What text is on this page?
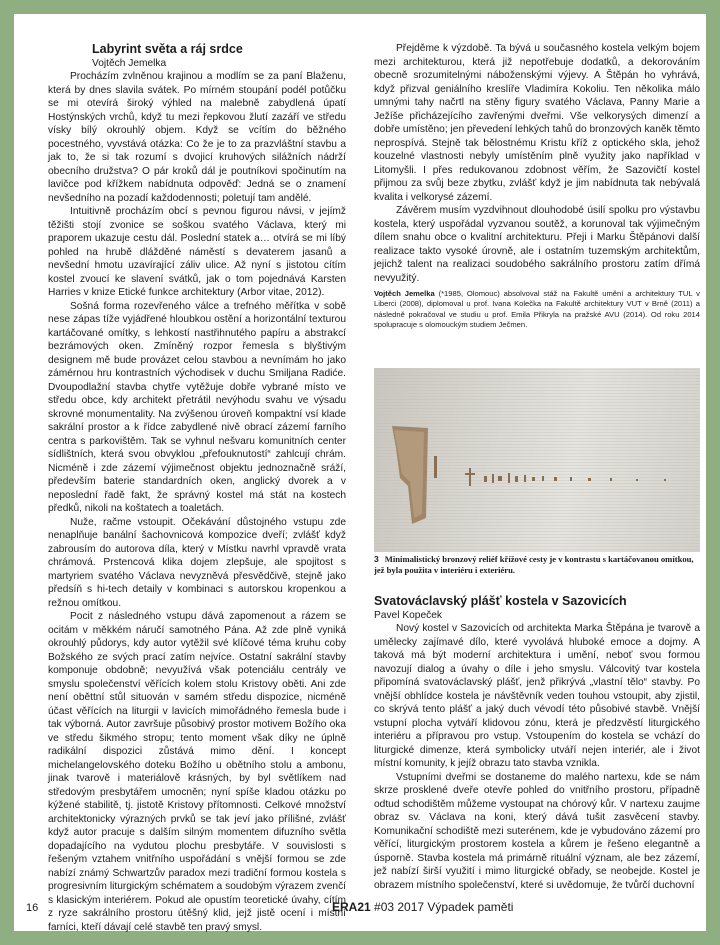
Labyrint světa a ráj srdce
Vojtěch Jemelka

Procházím zvlněnou krajinou a modlím se za paní Blaženu, která by dnes slavila svátek. Po mírném stoupání podél potůčku se mi otevírá široký výhled na malebně zabydlená úpatí Hostýnských vrchů, když tu mezi řepkovou žlutí zazáří ve středu vísky bílý okrouhlý objem. Když se vcítím do běžného pocestného, vyvstává otázka: Co že je to za prazvláštní stavbu a jak to, že si tak rozumí s dvojicí kruhových silážních nádrží obecního družstva? O pár kroků dál je poutníkovi spočinutím na lavičce pod křížkem nabídnuta odpověď: Jedná se o znamení nevšedního na pozadí každodennosti; poletují tam andělé.

Intuitivně procházím obcí s pevnou figurou návsi, v jejímž těžišti stojí zvonice se soškou svatého Václava, který mi praporem ukazuje cestu dál. Poslední statek a… otvírá se mi líbý pohled na hrubě dlážděné náměstí s devaterem jasanů a nevšední hmotu uzavírající záliv ulice. Až nyní s jistotou cítím kostel zvoucí ke slavení svátků, jak o tom pojednává Karsten Harries v knize Etické funkce architektury (Arbor vitae, 2012).

Sošná forma rozevřeného válce a trefného měřítka v sobě nese zápas tíže vyjádřené hloubkou ostění a horizontální texturou kartáčované omítky, s lehkostí nastřihnutého papíru a abstrakcí bezrámových oken. Zmíněný rozpor řemesla s blyštivým designem mě bude provázet celou stavbou a nevnímám ho jako zámérnou hru kontrastních východisek v duchu Smiljana Radiće. Dvoupodlažní stavba chytře vytěžuje dobře vybrané místo ve středu obce, kdy architekt přetrátil nevýhodu svahu ve výsadu skrovné monumentality. Na zvýšenou úroveň kompaktní vsí klade sakrální prostor a k řídce zabydlené nivě obrací zázemí farního centra s parkovištěm. Tak se vyhnul nešvaru komunitních center sídlištních, která svou obvyklou „přefouknutostí“ zahlcují chrám. Nicméně i zde zázemí výjimečnost objektu jednoznačně sráží, především baterie standardních oken, anglický dvorek a v neposlední řadě fakt, že správný kostel má stát na kostech předků, nikoli na koštatech a toaletách.

Nuže, račme vstoupit. Očekávání důstojného vstupu zde nenaplňuje banální šachovnicová kompozice dveří; zvlášť když zabrousím do autorova díla, který v Místku navrhl vpravdě vrata chrámová. Prstencová klika dojem zlepšuje, ale spojitost s martyriem svatého Václava nevyzněvá přesvědčivě, stejně jako předsíň s hi-tech detaily v kombinaci s autorskou kropenkou a režnou omítkou.

Pocit z následného vstupu dává zapomenout a rázem se ocitám v měkkém náručí samotného Pána. Až zde plně vyniká okrouhlý půdorys, kdy autor vytěžil své klíčové téma kruhu coby Božského ze svých prací zatím nejvíce. Ostatní sakrální stavby komponuje obdobně; nevyužívá však potenciálu centrály ve smyslu společenství věřících kolem stolu Kristovy oběti. Ani zde není oběttní stůl situován v samém středu dispozice, nicméně účast věřících na liturgii v lavicích mimořádného řemesla bude i tak výborná. Autor završuje působivý prostor motivem Božího oka ve středu šikmého stropu; tento moment však díky ne úplně radikální dispozici zůstává mimo dění. I koncept michelangelovského doteku Božího u obětního stolu a ambonu, jinak tvarově i materiálově krásných, by byl světlíkem nad středovým presbytářem umocněn; nyní spíše kladou otázku po kýžené stabilitě, tj. jistotě Kristovy přítomnosti. Celkové množství architektonicky výrazných prvků se tak jeví jako přílišné, zvlášť když autor pracuje s dalším silným momentem difuzního světla dopadajícího na vydutou plochu presbytáře. V souvislosti s řešeným vztahem vnitřního uspořádání s vnější formou se zde nabízí známý Schwartzův paradox mezi tradiční formou kostela s progresivním liturgickým schématem a soudobým výrazem zvenčí s klasickým interiérem. Pokud ale opustím teoretické úvahy, cítím z ryze sakrálního prostoru útěšný klid, jejž jistě ocení i místní farníci, kteří dávají celé stavbě ten pravý smysl.

Přejděme k výzdobě. Ta bývá u současného kostela velkým bojem mezi architekturou, která již nepotřebuje dodatků, a dekorováním obecně srozumitelnými náboženskými výjevy. A Štěpán ho vyhrává, když přizval geniálního kreslíře Vladimíra Kokoliu. Ten několika málo umnými tahy načrtl na stěny figury svatého Václava, Panny Marie a Ježíše přicházejícího zavřenými dveřmi. Vše velkorysých dimenzí a dobře umístěno; jen převedení lehkých tahů do bronzových kaněk těmto neprospívá. Stejně tak bělostnému Kristu kříž z optického skla, jehož kouzelné vlastnosti nebyly umístěním plně využity jako například v Litomyšli. I přes redukovanou zdobnost věřím, že Sazovičtí kostel přijmou za svůj beze zbytku, zvlášť když je jim nabídnuta tak nebývalá kvalita i velkorysé zázemí.

Závěrem musím vyzdvihnout dlouhodobé úsilí spolku pro výstavbu kostela, který uspořádal vyzvanou soutěž, a korunoval tak výjimečným dílem snahu obce o kvalitní architekturu. Přeji i Marku Štěpánovi další realizace takto vysoké úrovně, ale i ostatním tuzemským architektům, jejichž talent na realizaci soudobého sakrálního prostoru zatím dřímá nevyužitý.

Vojtěch Jemelka (*1985, Olomouc) absolvoval stáž na Fakultě umění a architektury TUL v Liberci (2008), diplomoval u prof. Ivana Kolečka na Fakultě architektury VUT v Brně (2011) a následně pokračoval ve studiu u prof. Emila Přikryla na pražské AVU (2014). Od roku 2014 spolupracuje s olomouckým studiem Ječmen.
3 Minimalistický bronzový reliéf křížové cesty je v kontrastu s kartáčovanou omítkou, jež byla použita v interiéru i exteriéru.
Svatováclavský plášť kostela v Sazovicích
Pavel Kopeček

Nový kostel v Sazovicích od architekta Marka Štěpána je tvarově a umělecky zajímavé dílo, které vyvolává hluboké emoce a dojmy. A taková má být moderní architektura i umění, neboť svou formou navozují dialog a úvahy o díle i jeho smyslu. Válcovitý tvar kostela připomíná svatováclavský plášť, jenž přikrývá „vlastní tělo“ stavby. Po vnější obhlídce kostela je návštěvník veden touhou vstoupit, aby zjistil, co skrývá tento plášť a jaký duch vévodí této působivé stavbě. Vnější vstupní plocha vytváří klidovou zónu, která je předzvěstí liturgického interiéru a přípravou pro vstup. Vstoupením do kostela se vchází do liturgické dimenze, která symbolicky utváří nejen interiér, ale i život místní komunity, k jejíž obrazu tato stavba vznikla.

Vstupními dveřmi se dostaneme do malého nartexu, kde se nám skrze prosklené dveře otevře pohled do vnitřního prostoru, případně odtud schodištěm můžeme vystoupat na chórový kůr. V nartexu zaujme obraz sv. Václava na koni, který dává tušit zasvěcení stavby. Komunikační schodiště mezi suterénem, kde je vybudováno zázemí pro věřící, liturgickým prostorem kostela a kůrem je řešeno elegantně a úsporně. Stavba kostela má primárně rituální význam, ale bez zázemí, jež nabízí širší využití i mimo liturgické obřady, se neobejde. Kostel je obrazem místního společenství, které si uvědomuje, že tvůrčí duchovní

16	ERA21 #03 2017 Výpadek paměti
